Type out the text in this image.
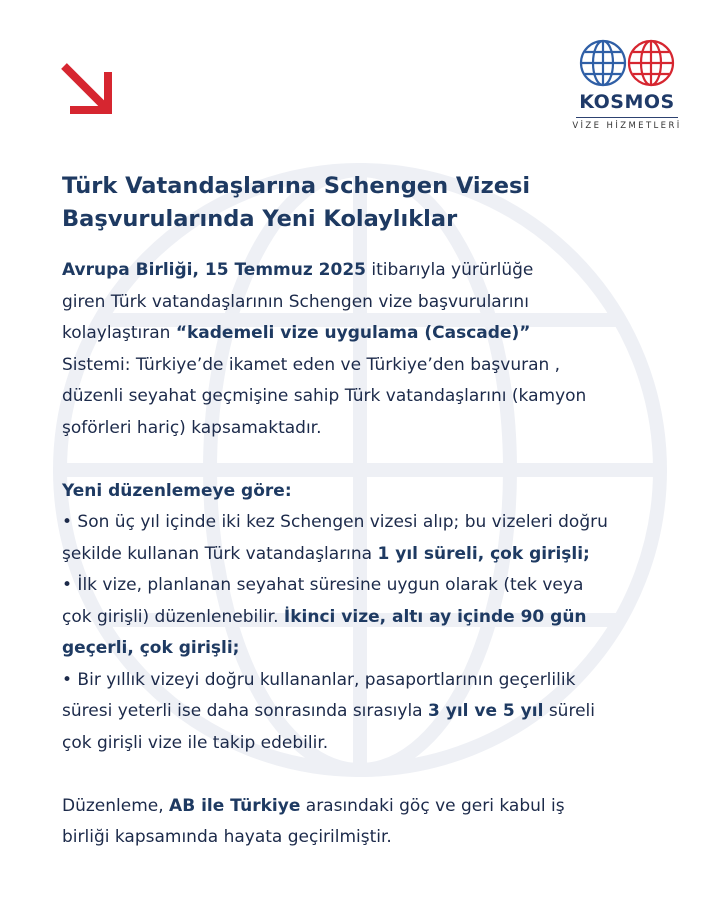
KOSMOS
VİZE HİZMETLERİ
Türk Vatandaşlarına Schengen Vizesi
Başvurularında Yeni Kolaylıklar

Avrupa Birliği, 15 Temmuz 2025 itibarıyla yürürlüğe
giren Türk vatandaşlarının Schengen vize başvurularını
kolaylaştıran “kademeli vize uygulama (Cascade)”
Sistemi: Türkiye’de ikamet eden ve Türkiye’den başvuran ,
düzenli seyahat geçmişine sahip Türk vatandaşlarını (kamyon
şoförleri hariç) kapsamaktadır.

Yeni düzenlemeye göre:
• Son üç yıl içinde iki kez Schengen vizesi alıp; bu vizeleri doğru
şekilde kullanan Türk vatandaşlarına 1 yıl süreli, çok girişli;
• İlk vize, planlanan seyahat süresine uygun olarak (tek veya
çok girişli) düzenlenebilir. İkinci vize, altı ay içinde 90 gün
geçerli, çok girişli;
• Bir yıllık vizeyi doğru kullananlar, pasaportlarının geçerlilik
süresi yeterli ise daha sonrasında sırasıyla 3 yıl ve 5 yıl süreli
çok girişli vize ile takip edebilir.

Düzenleme, AB ile Türkiye arasındaki göç ve geri kabul iş
birliği kapsamında hayata geçirilmiştir.
